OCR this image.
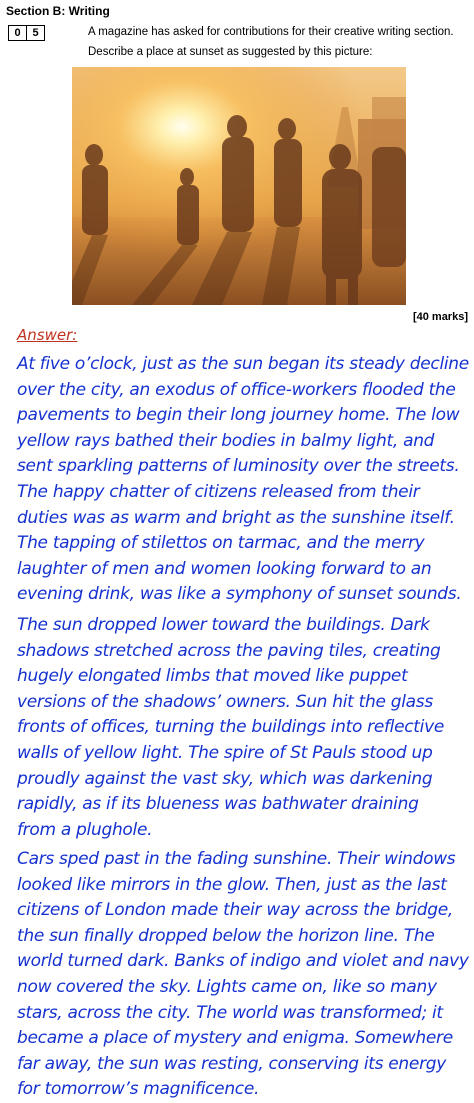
Section B: Writing
0	5	A magazine has asked for contributions for their creative writing section.
Describe a place at sunset as suggested by this picture:
[40 marks]
Answer:
At five o’clock, just as the sun began its steady decline
over the city, an exodus of office-workers flooded the
pavements to begin their long journey home. The low
yellow rays bathed their bodies in balmy light, and
sent sparkling patterns of luminosity over the streets.
The happy chatter of citizens released from their
duties was as warm and bright as the sunshine itself.
The tapping of stilettos on tarmac, and the merry
laughter of men and women looking forward to an
evening drink, was like a symphony of sunset sounds.
The sun dropped lower toward the buildings. Dark
shadows stretched across the paving tiles, creating
hugely elongated limbs that moved like puppet
versions of the shadows’ owners. Sun hit the glass
fronts of offices, turning the buildings into reflective
walls of yellow light. The spire of St Pauls stood up
proudly against the vast sky, which was darkening
rapidly, as if its blueness was bathwater draining
from a plughole.
Cars sped past in the fading sunshine. Their windows
looked like mirrors in the glow. Then, just as the last
citizens of London made their way across the bridge,
the sun finally dropped below the horizon line. The
world turned dark. Banks of indigo and violet and navy
now covered the sky. Lights came on, like so many
stars, across the city. The world was transformed; it
became a place of mystery and enigma. Somewhere
far away, the sun was resting, conserving its energy
for tomorrow’s magnificence.
